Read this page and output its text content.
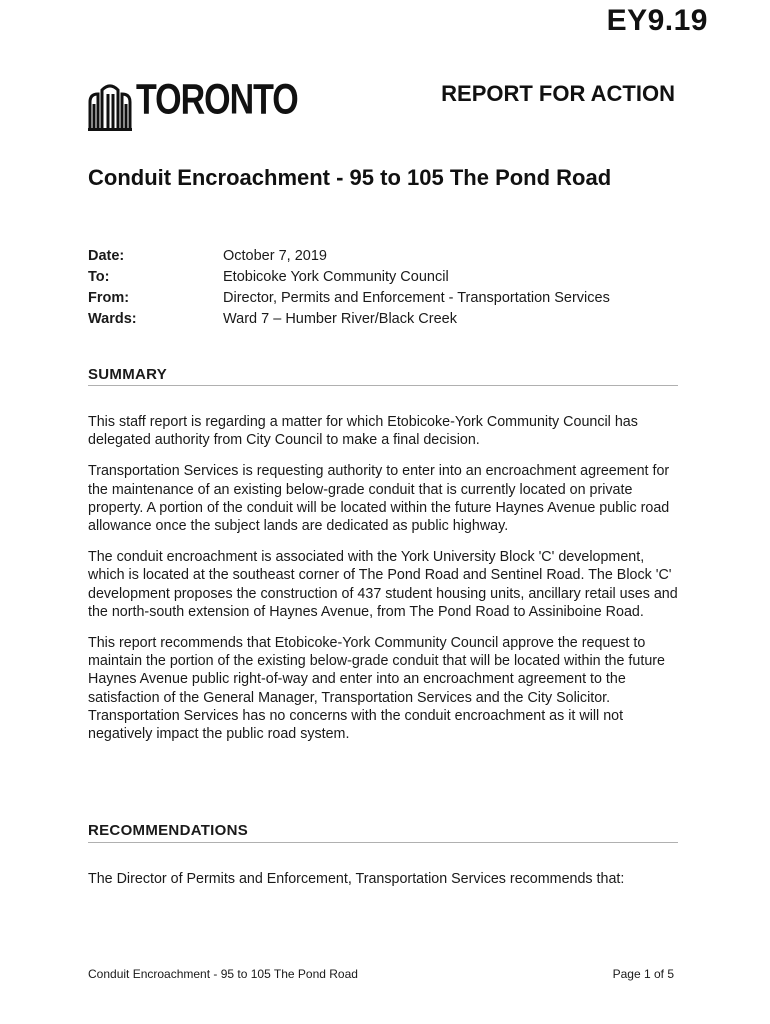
EY9.19
TORONTO	REPORT FOR ACTION
Conduit Encroachment - 95 to 105 The Pond Road
Date:	October 7, 2019
To:	Etobicoke York Community Council
From:	Director, Permits and Enforcement - Transportation Services
Wards:	Ward 7 – Humber River/Black Creek
SUMMARY

This staff report is regarding a matter for which Etobicoke-York Community Council has delegated authority from City Council to make a final decision.

Transportation Services is requesting authority to enter into an encroachment agreement for the maintenance of an existing below-grade conduit that is currently located on private property. A portion of the conduit will be located within the future Haynes Avenue public road allowance once the subject lands are dedicated as public highway.

The conduit encroachment is associated with the York University Block 'C' development, which is located at the southeast corner of The Pond Road and Sentinel Road. The Block 'C' development proposes the construction of 437 student housing units, ancillary retail uses and the north-south extension of Haynes Avenue, from The Pond Road to Assiniboine Road.

This report recommends that Etobicoke-York Community Council approve the request to maintain the portion of the existing below-grade conduit that will be located within the future Haynes Avenue public right-of-way and enter into an encroachment agreement to the satisfaction of the General Manager, Transportation Services and the City Solicitor. Transportation Services has no concerns with the conduit encroachment as it will not negatively impact the public road system.

RECOMMENDATIONS
The Director of Permits and Enforcement, Transportation Services recommends that:
Conduit Encroachment - 95 to 105 The Pond Road	Page 1 of 5
